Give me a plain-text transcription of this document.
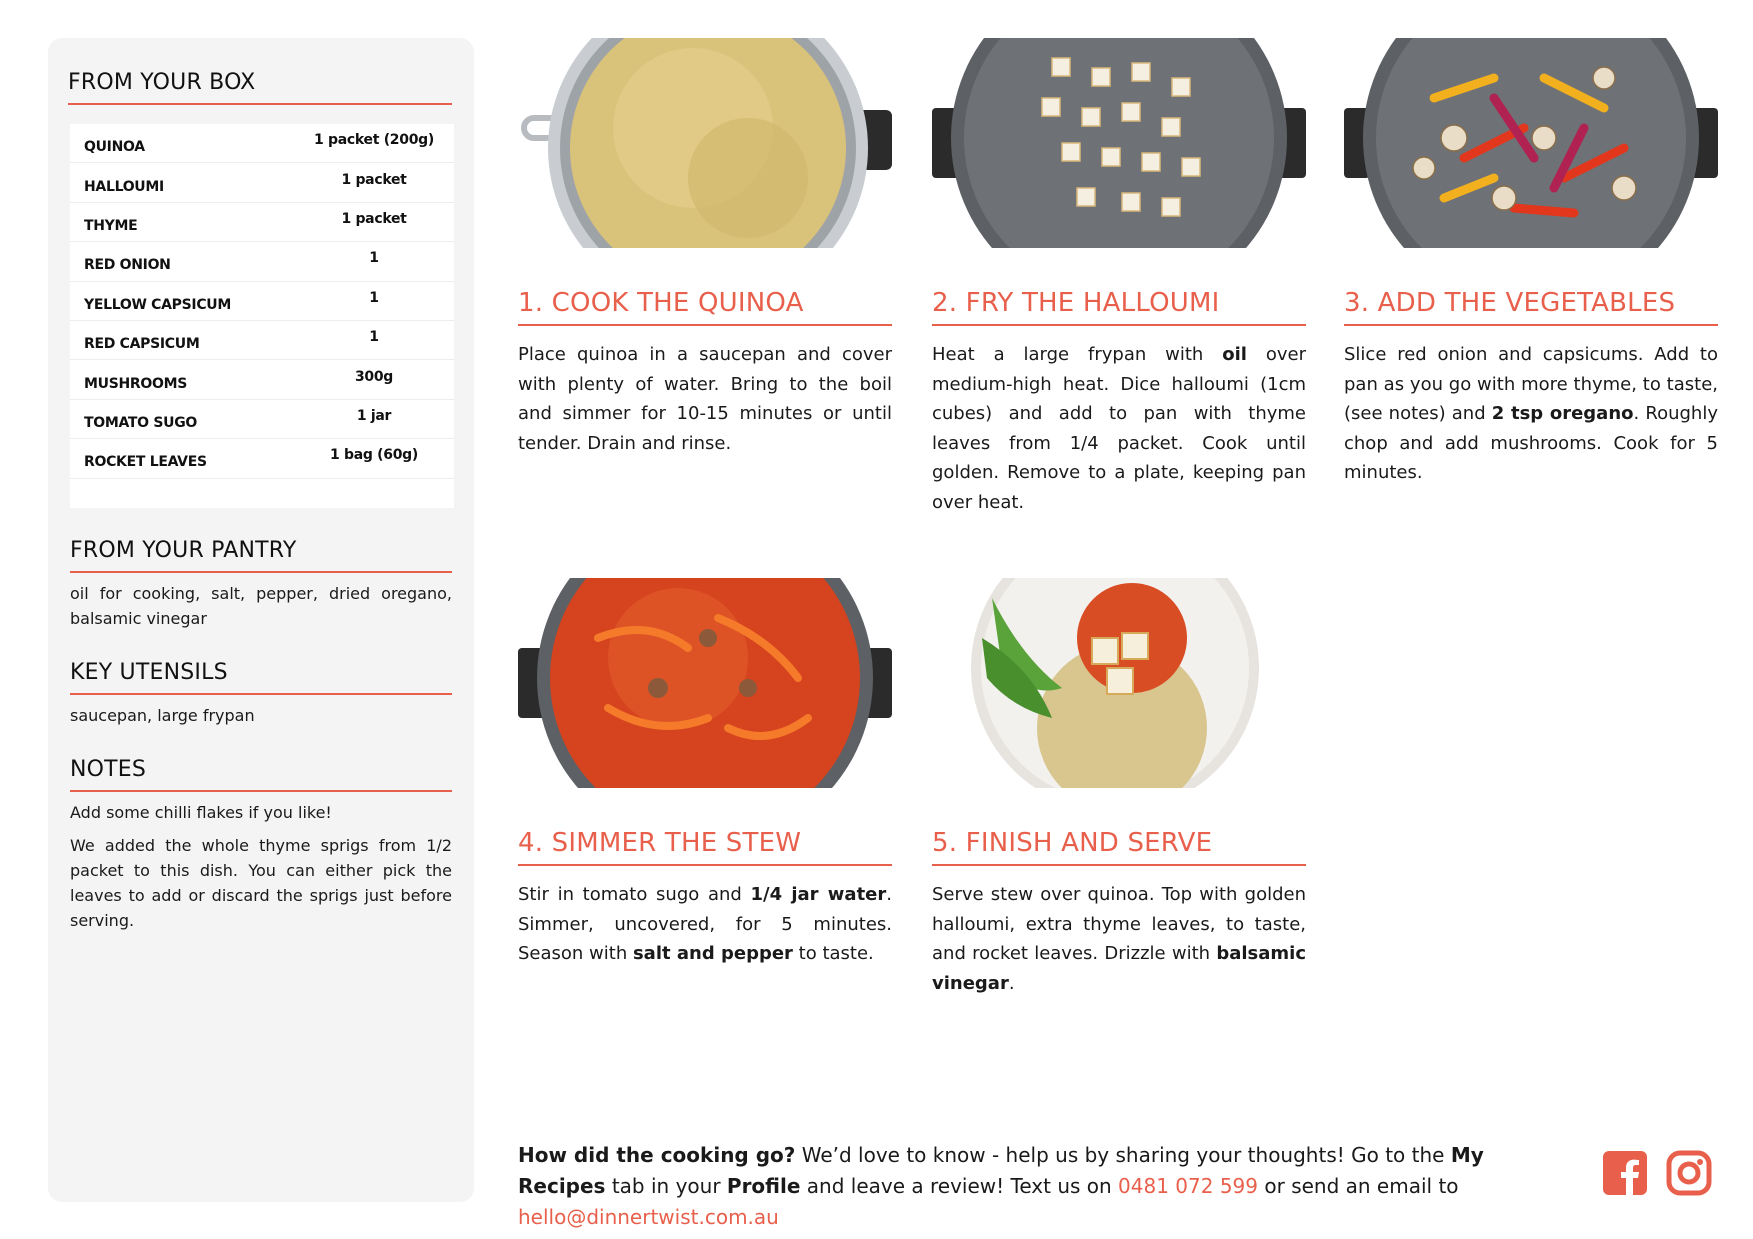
FROM YOUR BOX
QUINOA	1 packet (200g)
HALLOUMI	1 packet
THYME	1 packet
RED ONION	1
YELLOW CAPSICUM	1
RED CAPSICUM	1
MUSHROOMS	300g
TOMATO SUGO	1 jar
ROCKET LEAVES	1 bag (60g)
FROM YOUR PANTRY

oil for cooking, salt, pepper, dried oregano, balsamic vinegar

KEY UTENSILS

saucepan, large frypan

NOTES

Add some chilli flakes if you like!

We added the whole thyme sprigs from 1/2 packet to this dish. You can either pick the leaves to add or discard the sprigs just before serving.

1. COOK THE QUINOA

Place quinoa in a saucepan and cover with plenty of water. Bring to the boil and simmer for 10-15 minutes or until tender. Drain and rinse.

2. FRY THE HALLOUMI

Heat a large frypan with oil over medium-high heat. Dice halloumi (1cm cubes) and add to pan with thyme leaves from 1/4 packet. Cook until golden. Remove to a plate, keeping pan over heat.

3. ADD THE VEGETABLES

Slice red onion and capsicums. Add to pan as you go with more thyme, to taste, (see notes) and 2 tsp oregano. Roughly chop and add mushrooms. Cook for 5 minutes.

4. SIMMER THE STEW

Stir in tomato sugo and 1/4 jar water. Simmer, uncovered, for 5 minutes. Season with salt and pepper to taste.

5. FINISH AND SERVE

Serve stew over quinoa. Top with golden halloumi, extra thyme leaves, to taste, and rocket leaves. Drizzle with balsamic vinegar.

How did the cooking go? We’d love to know - help us by sharing your thoughts! Go to the My Recipes tab in your Profile and leave a review! Text us on 0481 072 599 or send an email to hello@dinnertwist.com.au
